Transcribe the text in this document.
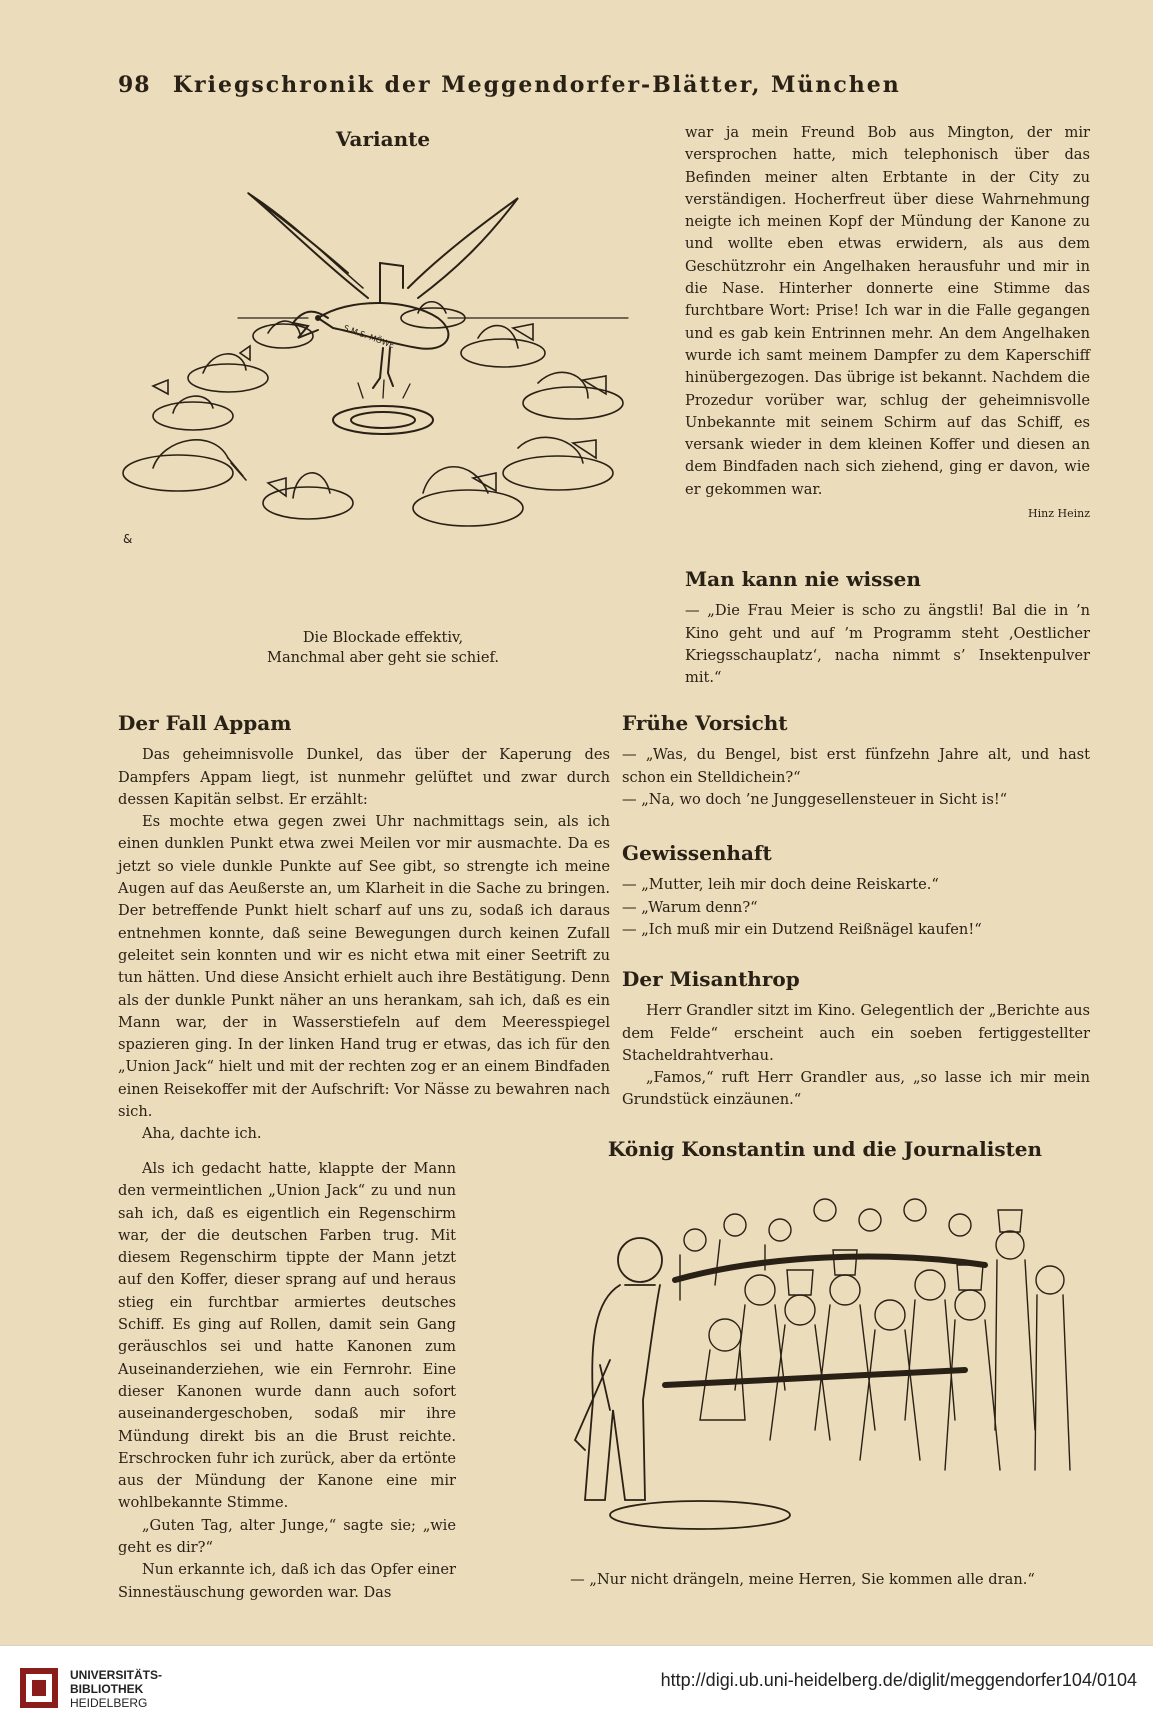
98	Kriegschronik der Meggendorfer-Blätter, München
Variante
S.M.S. MÖWE
&
Die Blockade effektiv,
Manchmal aber geht sie schief.

war ja mein Freund Bob aus Mington, der mir versprochen hatte, mich telephonisch über das Befinden meiner alten Erbtante in der City zu verständigen. Hocherfreut über diese Wahrnehmung neigte ich meinen Kopf der Mündung der Kanone zu und wollte eben etwas erwidern, als aus dem Geschützrohr ein Angelhaken herausfuhr und mir in die Nase. Hinterher donnerte eine Stimme das furchtbare Wort: Prise! Ich war in die Falle gegangen und es gab kein Entrinnen mehr. An dem Angelhaken wurde ich samt meinem Dampfer zu dem Kaperschiff hinübergezogen. Das übrige ist bekannt. Nachdem die Prozedur vorüber war, schlug der geheimnisvolle Unbekannte mit seinem Schirm auf das Schiff, es versank wieder in dem kleinen Koffer und diesen an dem Bindfaden nach sich ziehend, ging er davon, wie er gekommen war.

Hinz Heinz
Man kann nie wissen

— „Die Frau Meier is scho zu ängstli! Bal die in ’n Kino geht und auf ’m Programm steht ‚Oestlicher Kriegsschauplatz‘, nacha nimmt s’ Insektenpulver mit.“

Der Fall Appam

Das geheimnisvolle Dunkel, das über der Kaperung des Dampfers Appam liegt, ist nunmehr gelüftet und zwar durch dessen Kapitän selbst. Er erzählt:

Es mochte etwa gegen zwei Uhr nachmittags sein, als ich einen dunklen Punkt etwa zwei Meilen vor mir ausmachte. Da es jetzt so viele dunkle Punkte auf See gibt, so strengte ich meine Augen auf das Aeußerste an, um Klarheit in die Sache zu bringen. Der betreffende Punkt hielt scharf auf uns zu, sodaß ich daraus entnehmen konnte, daß seine Bewegungen durch keinen Zufall geleitet sein konnten und wir es nicht etwa mit einer Seetrift zu tun hätten. Und diese Ansicht erhielt auch ihre Bestätigung. Denn als der dunkle Punkt näher an uns herankam, sah ich, daß es ein Mann war, der in Wasserstiefeln auf dem Meeresspiegel spazieren ging. In der linken Hand trug er etwas, das ich für den „Union Jack“ hielt und mit der rechten zog er an einem Bindfaden einen Reisekoffer mit der Aufschrift: Vor Nässe zu bewahren nach sich.

Aha, dachte ich.

Als ich gedacht hatte, klappte der Mann den vermeintlichen „Union Jack“ zu und nun sah ich, daß es eigentlich ein Regenschirm war, der die deutschen Farben trug. Mit diesem Regenschirm tippte der Mann jetzt auf den Koffer, dieser sprang auf und heraus stieg ein furchtbar armiertes deutsches Schiff. Es ging auf Rollen, damit sein Gang geräuschlos sei und hatte Kanonen zum Auseinanderziehen, wie ein Fernrohr. Eine dieser Kanonen wurde dann auch sofort auseinandergeschoben, sodaß mir ihre Mündung direkt bis an die Brust reichte. Erschrocken fuhr ich zurück, aber da ertönte aus der Mündung der Kanone eine mir wohlbekannte Stimme.

„Guten Tag, alter Junge,“ sagte sie; „wie geht es dir?“

Nun erkannte ich, daß ich das Opfer einer Sinnestäuschung geworden war. Das

Frühe Vorsicht

— „Was, du Bengel, bist erst fünfzehn Jahre alt, und hast schon ein Stelldichein?“

— „Na, wo doch ’ne Junggesellensteuer in Sicht is!“

Gewissenhaft

— „Mutter, leih mir doch deine Reiskarte.“

— „Warum denn?“

— „Ich muß mir ein Dutzend Reißnägel kaufen!“

Der Misanthrop

Herr Grandler sitzt im Kino. Gelegentlich der „Berichte aus dem Felde“ erscheint auch ein soeben fertiggestellter Stacheldrahtverhau.

„Famos,“ ruft Herr Grandler aus, „so lasse ich mir mein Grundstück einzäunen.“

König Konstantin und die Journalisten
— „Nur nicht drängeln, meine Herren, Sie kommen alle dran.“
UNIVERSITÄTS-
BIBLIOTHEK
HEIDELBERG
http://digi.ub.uni-heidelberg.de/diglit/meggendorfer104/0104
